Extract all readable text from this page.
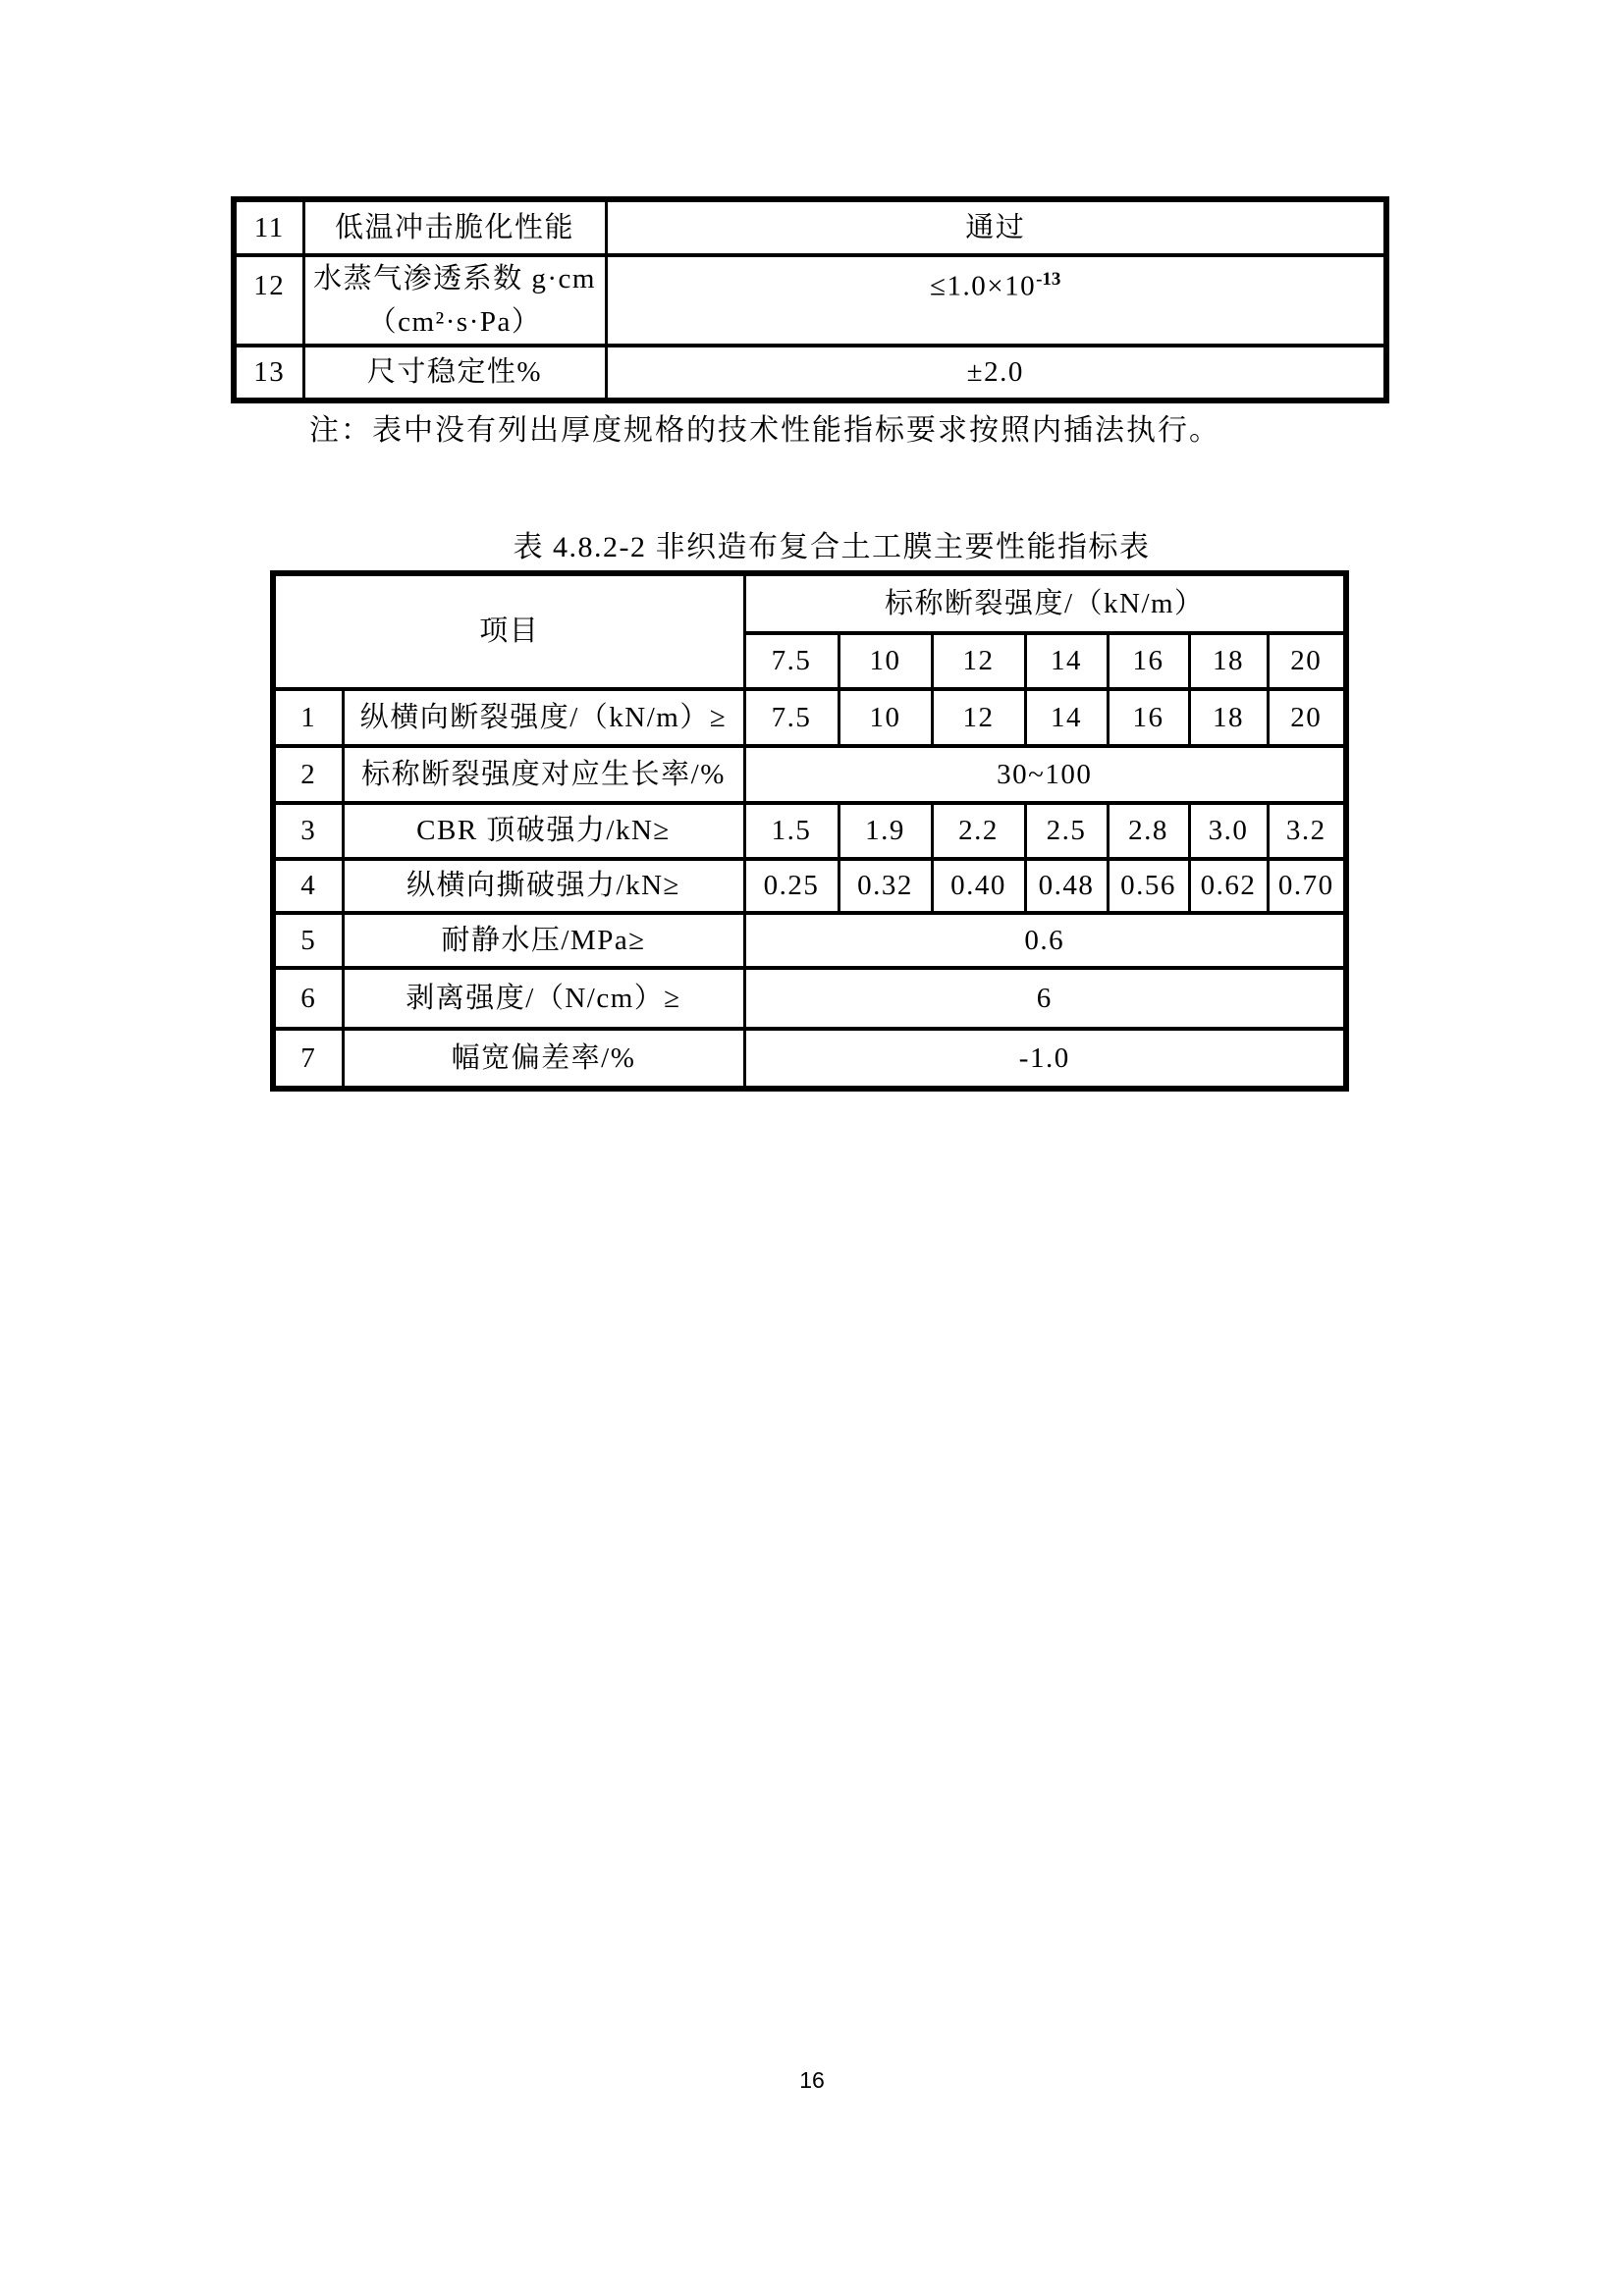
11	低温冲击脆化性能	通过
12	水蒸气渗透系数 g·cm
（cm²·s·Pa）	$\le 1.0\times 10^{-13}$
13	尺寸稳定性%	±2.0
注：表中没有列出厚度规格的技术性能指标要求按照内插法执行。
表 4.8.2-2 非织造布复合土工膜主要性能指标表
项目		标称断裂强度/（kN/m）						
		7.5	10	12	14	16	18	20
1	纵横向断裂强度/（kN/m）≥	7.5	10	12	14	16	18	20
2	标称断裂强度对应生长率/%	30~100						
3	CBR 顶破强力/kN≥	1.5	1.9	2.2	2.5	2.8	3.0	3.2
4	纵横向撕破强力/kN≥	0.25	0.32	0.40	0.48	0.56	0.62	0.70
5	耐静水压/MPa≥	0.6						
6	剥离强度/（N/cm）≥	6						
7	幅宽偏差率/%	-1.0						
16
